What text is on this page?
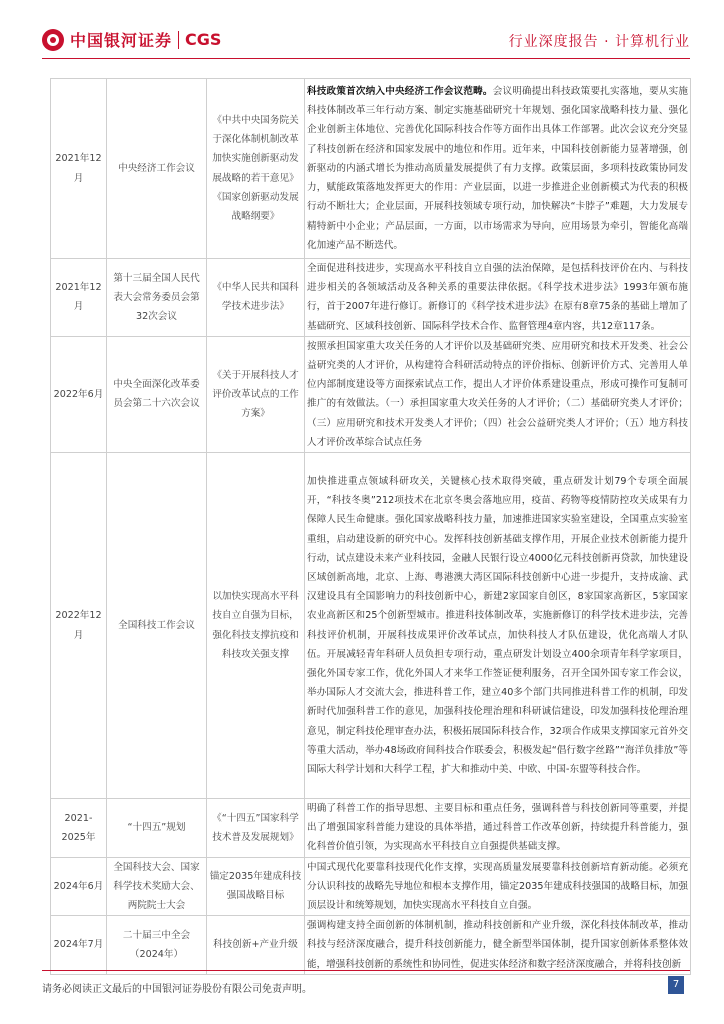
中国银河证券 CGS	行业深度报告 · 计算机行业
2021年12月	中央经济工作会议	《中共中央国务院关于深化体制机制改革加快实施创新驱动发展战略的若干意见》《国家创新驱动发展战略纲要》	科技政策首次纳入中央经济工作会议范畴。会议明确提出科技政策要扎实落地，要从实施科技体制改革三年行动方案、制定实施基础研究十年规划、强化国家战略科技力量、强化企业创新主体地位、完善优化国际科技合作等方面作出具体工作部署。此次会议充分突显了科技创新在经济和国家发展中的地位和作用。近年来，中国科技创新能力显著增强，创新驱动的内涵式增长为推动高质量发展提供了有力支撑。政策层面，多项科技政策协同发力，赋能政策落地发挥更大的作用：产业层面，以进一步推进企业创新模式为代表的积极行动不断壮大；企业层面，开展科技领域专项行动，加快解决“卡脖子”难题，大力发展专精特新中小企业；产品层面，一方面，以市场需求为导向，应用场景为牵引，智能化高端化加速产品不断迭代。
2021年12月	第十三届全国人民代表大会常务委员会第32次会议	《中华人民共和国科学技术进步法》	全面促进科技进步，实现高水平科技自立自强的法治保障，是包括科技评价在内、与科技进步相关的各领域活动及各种关系的重要法律依据。《科学技术进步法》1993年颁布施行，首于2007年进行修订。新修订的《科学技术进步法》在原有8章75条的基础上增加了基础研究、区域科技创新、国际科学技术合作、监督管理4章内容，共12章117条。
2022年6月	中央全面深化改革委员会第二十六次会议	《关于开展科技人才评价改革试点的工作方案》	按照承担国家重大攻关任务的人才评价以及基础研究类、应用研究和技术开发类、社会公益研究类的人才评价，从构建符合科研活动特点的评价指标、创新评价方式、完善用人单位内部制度建设等方面探索试点工作，提出人才评价体系建设重点，形成可操作可复制可推广的有效做法。（一）承担国家重大攻关任务的人才评价；（二）基础研究类人才评价；（三）应用研究和技术开发类人才评价；（四）社会公益研究类人才评价；（五）地方科技人才评价改革综合试点任务
2022年12月	全国科技工作会议	以加快实现高水平科技自立自强为目标，强化科技支撑抗疫和科技攻关强支撑	加快推进重点领域科研攻关，关键核心技术取得突破，重点研发计划79个专项全面展开，“科技冬奥”212项技术在北京冬奥会落地应用，疫苗、药物等疫情防控攻关成果有力保障人民生命健康。强化国家战略科技力量，加速推进国家实验室建设，全国重点实验室重组，启动建设新的研究中心。发挥科技创新基础支撑作用，开展企业技术创新能力提升行动，试点建设未来产业科技园，金融人民银行设立4000亿元科技创新再贷款，加快建设区域创新高地，北京、上海、粤港澳大湾区国际科技创新中心进一步提升，支持成渝、武汉建设具有全国影响力的科技创新中心，新建2家国家自创区，8家国家高新区，5家国家农业高新区和25个创新型城市。推进科技体制改革，实施新修订的科学技术进步法，完善科技评价机制，开展科技成果评价改革试点，加快科技人才队伍建设，优化高端人才队伍。开展减轻青年科研人员负担专项行动，重点研发计划设立400余项青年科学家项目，强化外国专家工作，优化外国人才来华工作签证便利服务，召开全国外国专家工作会议，举办国际人才交流大会，推进科普工作，建立40多个部门共同推进科普工作的机制，印发新时代加强科普工作的意见，加强科技伦理治理和科研诚信建设，印发加强科技伦理治理意见，制定科技伦理审查办法，积极拓展国际科技合作，32项合作成果支撑国家元首外交等重大活动，举办48场政府间科技合作联委会，积极发起“倡行数字丝路”“海洋负排放”等国际大科学计划和大科学工程，扩大和推动中美、中欧、中国-东盟等科技合作。
2021-2025年	“十四五”规划	《“十四五”国家科学技术普及发展规划》	明确了科普工作的指导思想、主要目标和重点任务，强调科普与科技创新同等重要，并提出了增强国家科普能力建设的具体举措，通过科普工作改革创新，持续提升科普能力，强化科普价值引领，为实现高水平科技自立自强提供基础支撑。
2024年6月	全国科技大会、国家科学技术奖励大会、两院院士大会	锚定2035年建成科技强国战略目标	中国式现代化要靠科技现代化作支撑，实现高质量发展要靠科技创新培育新动能。必须充分认识科技的战略先导地位和根本支撑作用，锚定2035年建成科技强国的战略目标，加强顶层设计和统筹规划，加快实现高水平科技自立自强。
2024年7月	二十届三中全会（2024年）	科技创新+产业升级	强调构建支持全面创新的体制机制，推动科技创新和产业升级，深化科技体制改革，推动科技与经济深度融合，提升科技创新能力，健全新型举国体制，提升国家创新体系整体效能，增强科技创新的系统性和协同性，促进实体经济和数字经济深度融合，并将科技创新
请务必阅读正文最后的中国银河证券股份有限公司免责声明。	7
